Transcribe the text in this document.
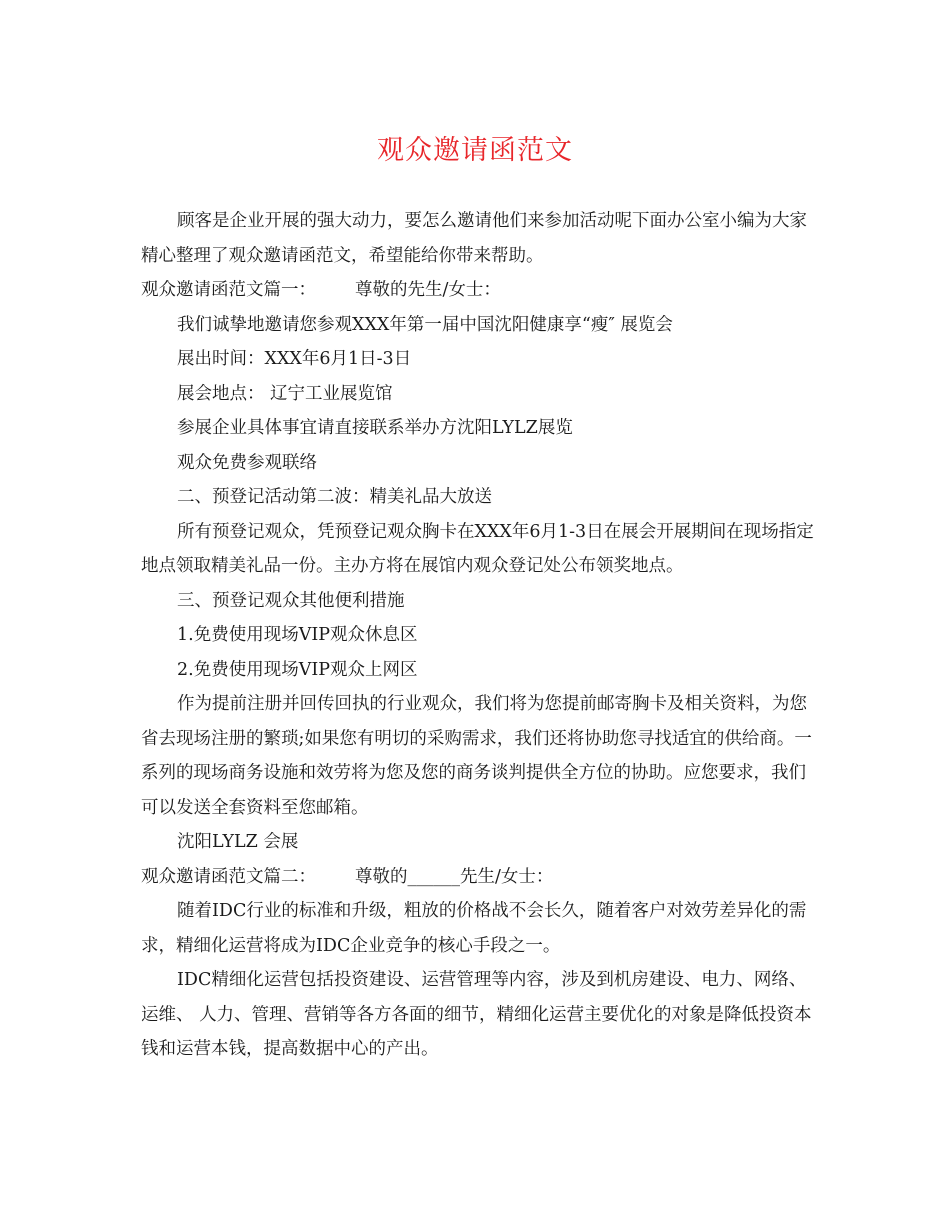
观众邀请函范文

顾客是企业开展的强大动力，要怎么邀请他们来参加活动呢下面办公室小编为大家精心整理了观众邀请函范文，希望能给你带来帮助。

观众邀请函范文篇一：       尊敬的先生/女士：

我们诚挚地邀请您参观XXX年第一届中国沈阳健康享“瘦″ 展览会

展出时间：XXX年6月1日-3日

展会地点： 辽宁工业展览馆

参展企业具体事宜请直接联系举办方沈阳LYLZ展览

观众免费参观联络

二、预登记活动第二波：精美礼品大放送

所有预登记观众，凭预登记观众胸卡在XXX年6月1-3日在展会开展期间在现场指定地点领取精美礼品一份。主办方将在展馆内观众登记处公布领奖地点。

三、预登记观众其他便利措施

1.免费使用现场VIP观众休息区

2.免费使用现场VIP观众上网区

作为提前注册并回传回执的行业观众，我们将为您提前邮寄胸卡及相关资料，为您省去现场注册的繁琐;如果您有明切的采购需求，我们还将协助您寻找适宜的供给商。一系列的现场商务设施和效劳将为您及您的商务谈判提供全方位的协助。应您要求，我们可以发送全套资料至您邮箱。

沈阳LYLZ 会展

观众邀请函范文篇二：       尊敬的______先生/女士：

随着IDC行业的标准和升级，粗放的价格战不会长久，随着客户对效劳差异化的需求，精细化运营将成为IDC企业竞争的核心手段之一。

IDC精细化运营包括投资建设、运营管理等内容，涉及到机房建设、电力、网络、运维、 人力、管理、营销等各方各面的细节，精细化运营主要优化的对象是降低投资本钱和运营本钱，提高数据中心的产出。
